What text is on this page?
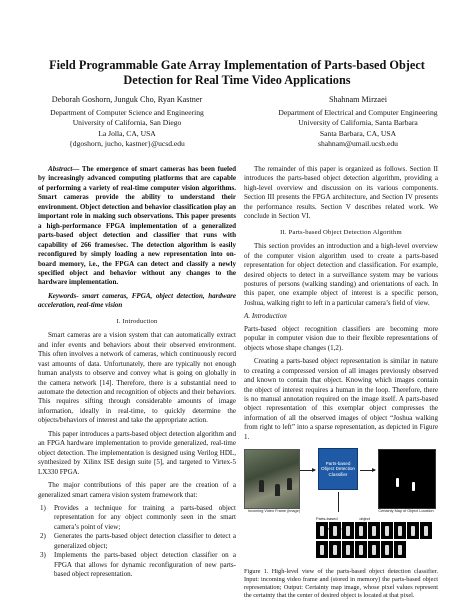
Field Programmable Gate Array Implementation of Parts-based Object Detection for Real Time Video Applications
Deborah Goshorn, Junguk Cho, Ryan Kastner
Department of Computer Science and Engineering
University of California, San Diego
La Jolla, CA, USA
{dgoshorn, jucho, kastner}@ucsd.edu
Shahnam Mirzaei
Department of Electrical and Computer Engineering
University of California, Santa Barbara
Santa Barbara, CA, USA
shahnam@umail.ucsb.edu

Abstract— The emergence of smart cameras has been fueled by increasingly advanced computing platforms that are capable of performing a variety of real-time computer vision algorithms. Smart cameras provide the ability to understand their environment. Object detection and behavior classification play an important role in making such observations. This paper presents a high-performance FPGA implementation of a generalized parts-based object detection and classifier that runs with capability of 266 frames/sec. The detection algorithm is easily reconfigured by simply loading a new representation into on-board memory, i.e., the FPGA can detect and classify a newly specified object and behavior without any changes to the hardware implementation.

Keywords- smart cameras, FPGA, object detection, hardware acceleration, real-time vision

I. Introduction

Smart cameras are a vision system that can automatically extract and infer events and behaviors about their observed environment. This often involves a network of cameras, which continuously record vast amounts of data. Unfortunately, there are typically not enough human analysts to observe and convey what is going on globally in the camera network [14]. Therefore, there is a substantial need to automate the detection and recognition of objects and their behaviors. This requires sifting through considerable amounts of image information, ideally in real-time, to quickly determine the objects/behaviors of interest and take the appropriate action.

This paper introduces a parts-based object detection algorithm and an FPGA hardware implementation to provide generalized, real-time object detection. The implementation is designed using Verilog HDL, synthesized by Xilinx ISE design suite [5], and targeted to Virtex-5 LX330 FPGA.

The major contributions of this paper are the creation of a generalized smart camera vision system framework that:

1) Provides a technique for training a parts-based object representation for any object commonly seen in the smart camera’s point of view;
2) Generates the parts-based object detection classifier to detect a generalized object;
3) Implements the parts-based object detection classifier on a FPGA that allows for dynamic reconfiguration of new parts-based object representation.

The remainder of this paper is organized as follows. Section II introduces the parts-based object detection algorithm, providing a high-level overview and discussion on its various components. Section III presents the FPGA architecture, and Section IV presents the performance results. Section V describes related work. We conclude in Section VI.

II. Parts-based Object Detection Algorithm

This section provides an introduction and a high-level overview of the computer vision algorithm used to create a parts-based representation for object detection and classification. For example, desired objects to detect in a surveillance system may be various postures of persons (walking standing) and orientations of each. In this paper, one example object of interest is a specific person, Joshua, walking right to left in a particular camera’s field of view.

A. Introduction

Parts-based object recognition classifiers are becoming more popular in computer vision due to their flexible representations of objects whose shape changes (1,2).

Creating a parts-based object representation is similar in nature to creating a compressed version of all images previously observed and known to contain that object. Knowing which images contain the object of interest requires a human in the loop. Therefore, there is no manual annotation required on the image itself. A parts-based object representation of this exemplar object compresses the information of all the observed images of object “Joshua walking from right to left” into a sparse representation, as depicted in Figure 1.

Incoming Video Frame (image)
Parts-based Object Detection Classifier
Certainty Map of Object Location
Parts-based object
Figure 1. High-level view of the parts-based object detection classifier. Input: incoming video frame and (stored in memory) the parts-based object representation; Output: Certainty map image, whose pixel values represent the certainty that the center of desired object is located at that pixel.
